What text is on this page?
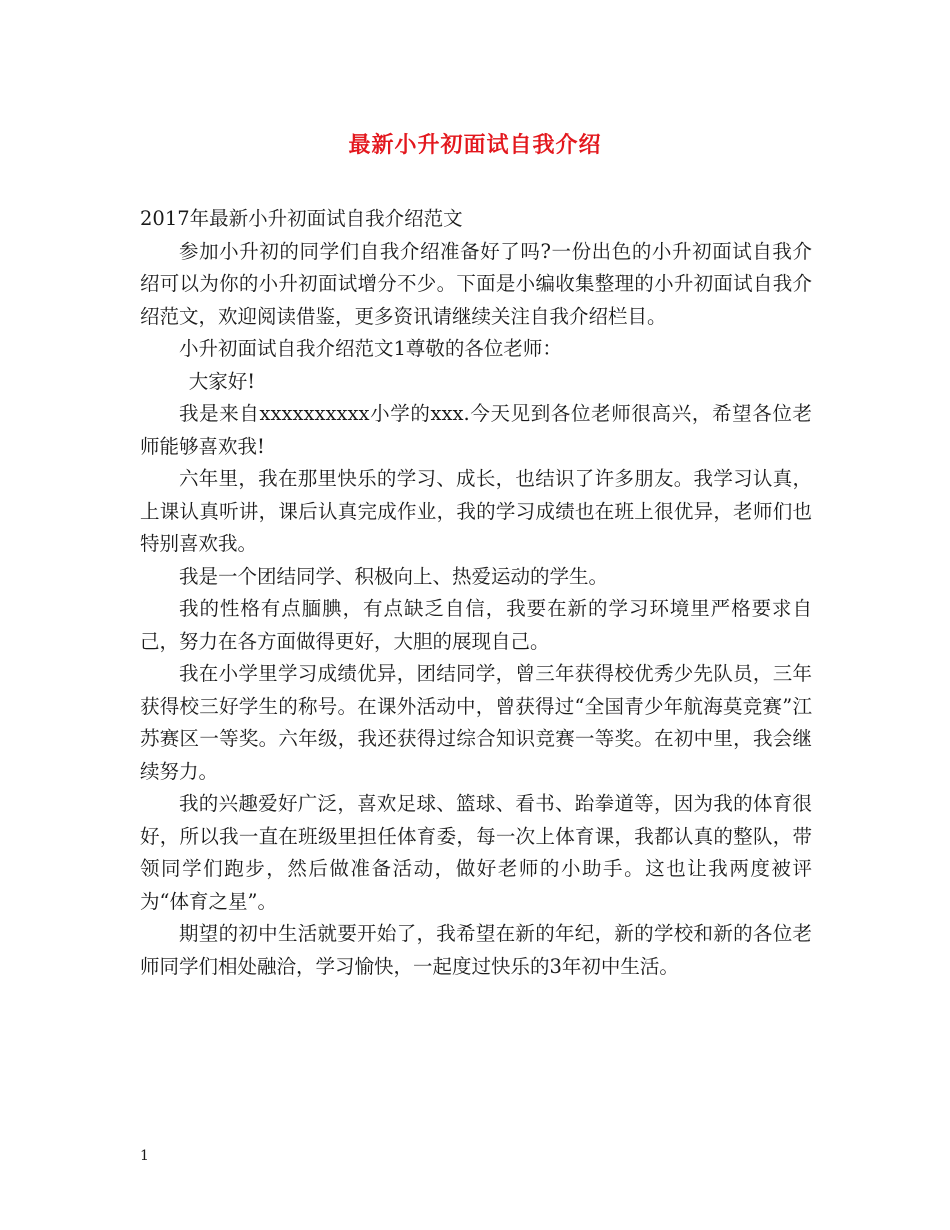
最新小升初面试自我介绍

2017年最新小升初面试自我介绍范文

参加小升初的同学们自我介绍准备好了吗?一份出色的小升初面试自我介绍可以为你的小升初面试增分不少。下面是小编收集整理的小升初面试自我介绍范文，欢迎阅读借鉴，更多资讯请继续关注自我介绍栏目。

小升初面试自我介绍范文1尊敬的各位老师：

大家好!

我是来自xxxxxxxxxx小学的xxx.今天见到各位老师很高兴，希望各位老师能够喜欢我!

六年里，我在那里快乐的学习、成长，也结识了许多朋友。我学习认真，上课认真听讲，课后认真完成作业，我的学习成绩也在班上很优异，老师们也特别喜欢我。

我是一个团结同学、积极向上、热爱运动的学生。

我的性格有点腼腆，有点缺乏自信，我要在新的学习环境里严格要求自己，努力在各方面做得更好，大胆的展现自己。

我在小学里学习成绩优异，团结同学，曾三年获得校优秀少先队员，三年获得校三好学生的称号。在课外活动中，曾获得过“全国青少年航海莫竞赛”江苏赛区一等奖。六年级，我还获得过综合知识竞赛一等奖。在初中里，我会继续努力。

我的兴趣爱好广泛，喜欢足球、篮球、看书、跆拳道等，因为我的体育很好，所以我一直在班级里担任体育委，每一次上体育课，我都认真的整队，带领同学们跑步，然后做准备活动，做好老师的小助手。这也让我两度被评为“体育之星”。

期望的初中生活就要开始了，我希望在新的年纪，新的学校和新的各位老师同学们相处融洽，学习愉快，一起度过快乐的3年初中生活。

1
